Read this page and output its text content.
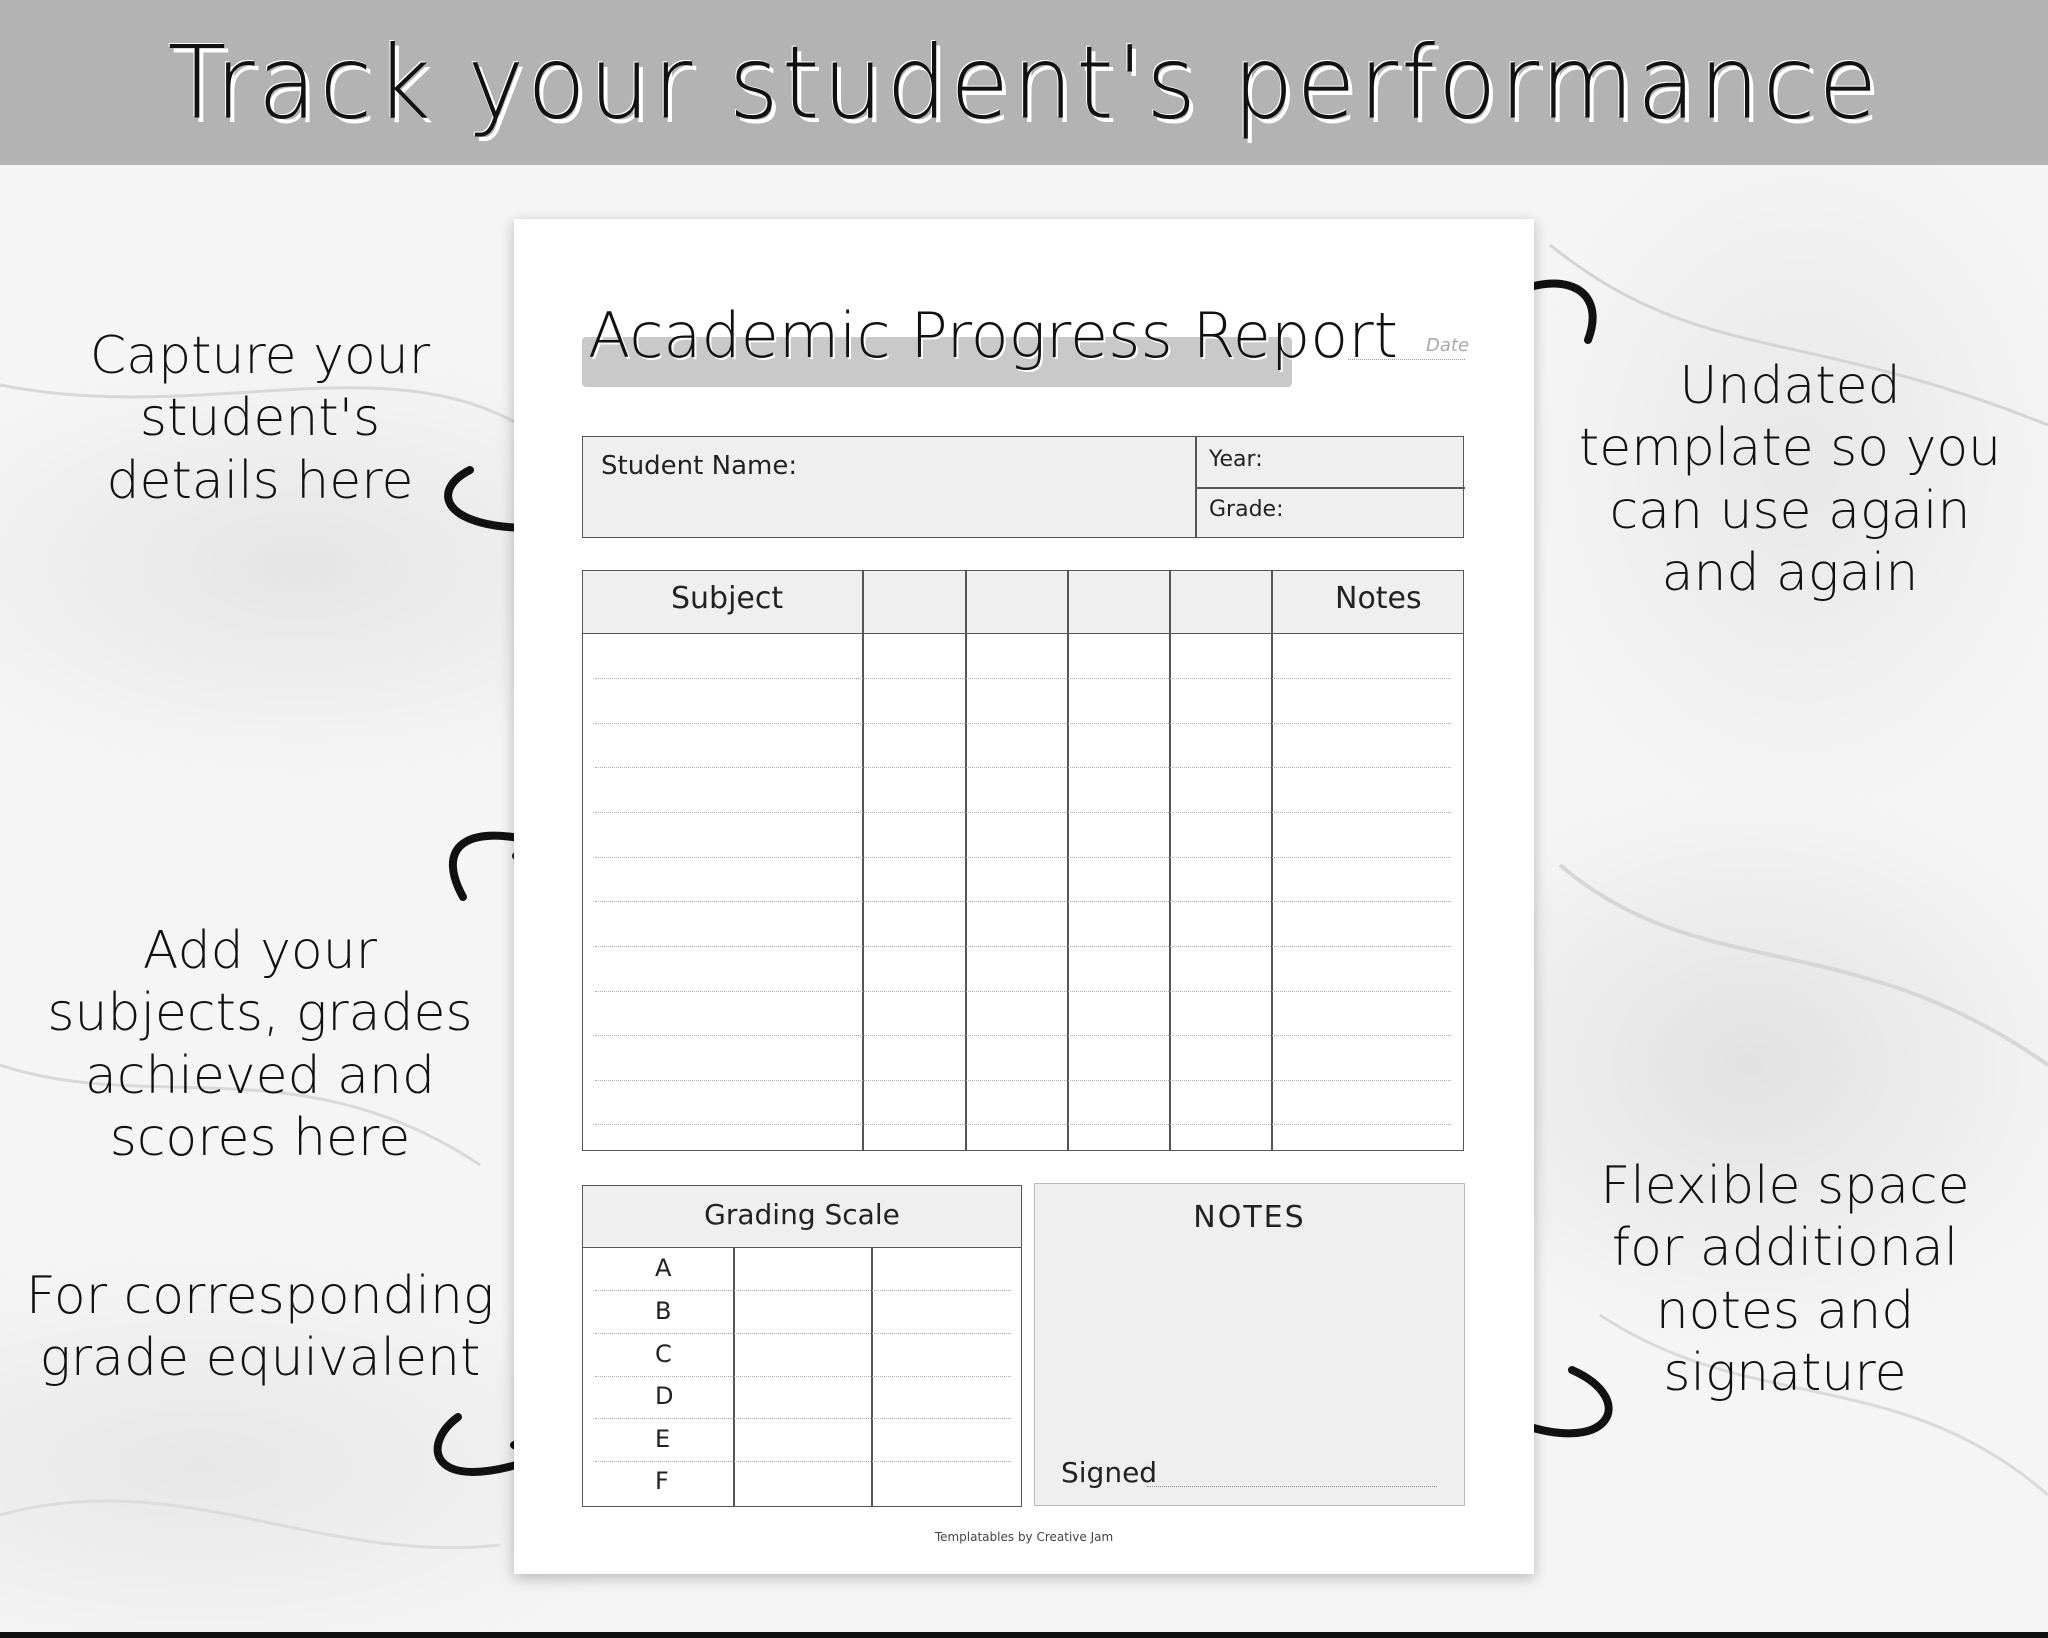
Track your student's performance
Capture your student's details here
Add your subjects, grades achieved and scores here
For corresponding grade equivalent
Undated template so you can use again and again
Flexible space for additional notes and signature
Academic Progress Report Date
Student Name:	Year:
Grade:
Subject	Notes
Grading Scale
A
B
C
D
E
F
NOTES
Signed
Templatables by Creative Jam
